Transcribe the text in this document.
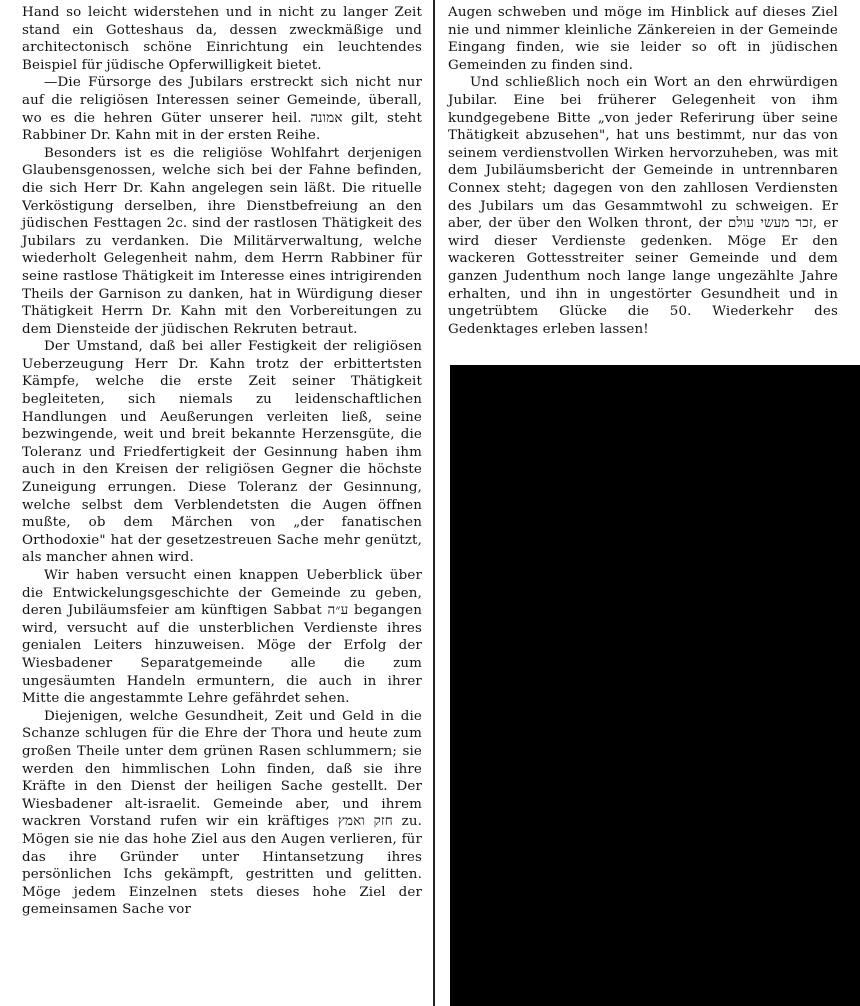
Hand so leicht widerstehen und in nicht zu langer Zeit stand ein Gotteshaus da, dessen zweckmäßige und architectonisch schöne Einrichtung ein leuchtendes Beispiel für jüdische Opferwilligkeit bietet.

—Die Fürsorge des Jubilars erstreckt sich nicht nur auf die religiösen Interessen seiner Gemeinde, überall, wo es die hehren Güter unserer heil. אמונה gilt, steht Rabbiner Dr. Kahn mit in der ersten Reihe.

Besonders ist es die religiöse Wohlfahrt derjenigen Glaubensgenossen, welche sich bei der Fahne befinden, die sich Herr Dr. Kahn angelegen sein läßt. Die rituelle Verköstigung derselben, ihre Dienstbefreiung an den jüdischen Festtagen 2c. sind der rastlosen Thätigkeit des Jubilars zu verdanken. Die Militärverwaltung, welche wiederholt Gelegenheit nahm, dem Herrn Rabbiner für seine rastlose Thätigkeit im Interesse eines intrigirenden Theils der Garnison zu danken, hat in Würdigung dieser Thätigkeit Herrn Dr. Kahn mit den Vorbereitungen zu dem Diensteide der jüdischen Rekruten betraut.

Der Umstand, daß bei aller Festigkeit der religiösen Ueberzeugung Herr Dr. Kahn trotz der erbittertsten Kämpfe, welche die erste Zeit seiner Thätigkeit begleiteten, sich niemals zu leidenschaftlichen Handlungen und Aeußerungen verleiten ließ, seine bezwingende, weit und breit bekannte Herzensgüte, die Toleranz und Friedfertigkeit der Gesinnung haben ihm auch in den Kreisen der religiösen Gegner die höchste Zuneigung errungen. Diese Toleranz der Gesinnung, welche selbst dem Verblendetsten die Augen öffnen mußte, ob dem Märchen von „der fanatischen Orthodoxie" hat der gesetzestreuen Sache mehr genützt, als mancher ahnen wird.

Wir haben versucht einen knappen Ueberblick über die Entwickelungsgeschichte der Gemeinde zu geben, deren Jubiläumsfeier am künftigen Sabbat ע״ה begangen wird, versucht auf die unsterblichen Verdienste ihres genialen Leiters hinzuweisen. Möge der Erfolg der Wiesbadener Separatgemeinde alle die zum ungesäumten Handeln ermuntern, die auch in ihrer Mitte die angestammte Lehre gefährdet sehen.

Diejenigen, welche Gesundheit, Zeit und Geld in die Schanze schlugen für die Ehre der Thora und heute zum großen Theile unter dem grünen Rasen schlummern; sie werden den himmlischen Lohn finden, daß sie ihre Kräfte in den Dienst der heiligen Sache gestellt. Der Wiesbadener alt-israelit. Gemeinde aber, und ihrem wackren Vorstand rufen wir ein kräftiges חזק ואמץ zu. Mögen sie nie das hohe Ziel aus den Augen verlieren, für das ihre Gründer unter Hintansetzung ihres persönlichen Ichs gekämpft, gestritten und gelitten. Möge jedem Einzelnen stets dieses hohe Ziel der gemeinsamen Sache vor

Augen schweben und möge im Hinblick auf dieses Ziel nie und nimmer kleinliche Zänkereien in der Gemeinde Eingang finden, wie sie leider so oft in jüdischen Gemeinden zu finden sind.

Und schließlich noch ein Wort an den ehrwürdigen Jubilar. Eine bei früherer Gelegenheit von ihm kundgegebene Bitte „von jeder Referirung über seine Thätigkeit abzusehen", hat uns bestimmt, nur das von seinem verdienstvollen Wirken hervorzuheben, was mit dem Jubiläumsbericht der Gemeinde in untrennbaren Connex steht; dagegen von den zahllosen Verdiensten des Jubilars um das Gesammtwohl zu schweigen. Er aber, der über den Wolken thront, der זכר מעשי עולם, er wird dieser Verdienste gedenken. Möge Er den wackeren Gottesstreiter seiner Gemeinde und dem ganzen Judenthum noch lange lange ungezählte Jahre erhalten, und ihn in ungestörter Gesundheit und in ungetrübtem Glücke die 50. Wiederkehr des Gedenktages erleben lassen!
